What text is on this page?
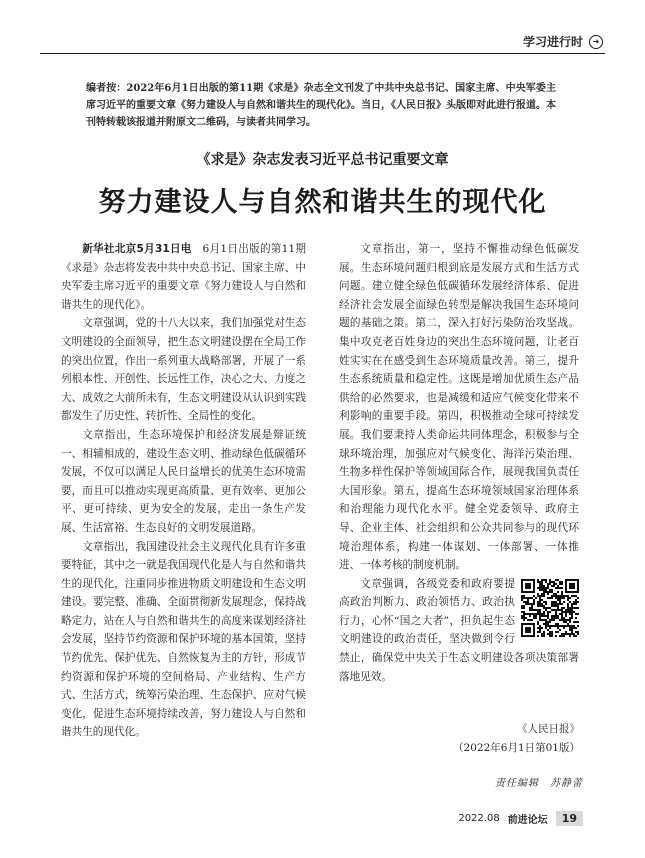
学习进行时	➜

编者按：2022年6月1日出版的第11期《求是》杂志全文刊发了中共中央总书记、国家主席、中央军委主席习近平的重要文章《努力建设人与自然和谐共生的现代化》。当日，《人民日报》头版即对此进行报道。本刊特转载该报道并附原文二维码，与读者共同学习。

《求是》杂志发表习近平总书记重要文章
努力建设人与自然和谐共生的现代化

新华社北京5月31日电　 6月1日出版的第11期《求是》杂志将发表中共中央总书记、国家主席、中央军委主席习近平的重要文章《努力建设人与自然和谐共生的现代化》。

文章强调，党的十八大以来，我们加强党对生态文明建设的全面领导，把生态文明建设摆在全局工作的突出位置，作出一系列重大战略部署，开展了一系列根本性、开创性、长远性工作，决心之大、力度之大、成效之大前所未有，生态文明建设从认识到实践都发生了历史性、转折性、全局性的变化。

文章指出，生态环境保护和经济发展是辩证统一、相辅相成的，建设生态文明、推动绿色低碳循环发展，不仅可以满足人民日益增长的优美生态环境需要，而且可以推动实现更高质量、更有效率、更加公平、更可持续、更为安全的发展，走出一条生产发展、生活富裕、生态良好的文明发展道路。

文章指出，我国建设社会主义现代化具有许多重要特征，其中之一就是我国现代化是人与自然和谐共生的现代化，注重同步推进物质文明建设和生态文明建设。要完整、准确、全面贯彻新发展理念，保持战略定力，站在人与自然和谐共生的高度来谋划经济社会发展，坚持节约资源和保护环境的基本国策，坚持节约优先、保护优先、自然恢复为主的方针，形成节约资源和保护环境的空间格局、产业结构、生产方式、生活方式，统筹污染治理、生态保护、应对气候变化，促进生态环境持续改善，努力建设人与自然和谐共生的现代化。

文章指出，第一，坚持不懈推动绿色低碳发展。生态环境问题归根到底是发展方式和生活方式问题。建立健全绿色低碳循环发展经济体系、促进经济社会发展全面绿色转型是解决我国生态环境问题的基础之策。第二，深入打好污染防治攻坚战。集中攻克老百姓身边的突出生态环境问题，让老百姓实实在在感受到生态环境质量改善。第三，提升生态系统质量和稳定性。这既是增加优质生态产品供给的必然要求，也是减缓和适应气候变化带来不利影响的重要手段。第四，积极推动全球可持续发展。我们要秉持人类命运共同体理念，积极参与全球环境治理，加强应对气候变化、海洋污染治理、生物多样性保护等领域国际合作，展现我国负责任大国形象。第五，提高生态环境领域国家治理体系和治理能力现代化水平。健全党委领导、政府主导、企业主体、社会组织和公众共同参与的现代环境治理体系，构建一体谋划、一体部署、一体推进、一体考核的制度机制。

文章强调，各级党委和政府要提高政治判断力、政治领悟力、政治执行力，心怀“国之大者”，担负起生态文明建设的政治责任，坚决做到令行禁止，确保党中央关于生态文明建设各项决策部署落地见效。

《人民日报》
（2022年6月1日第01版）
责任编辑　苏静蕾
2022.08 前进论坛	19
